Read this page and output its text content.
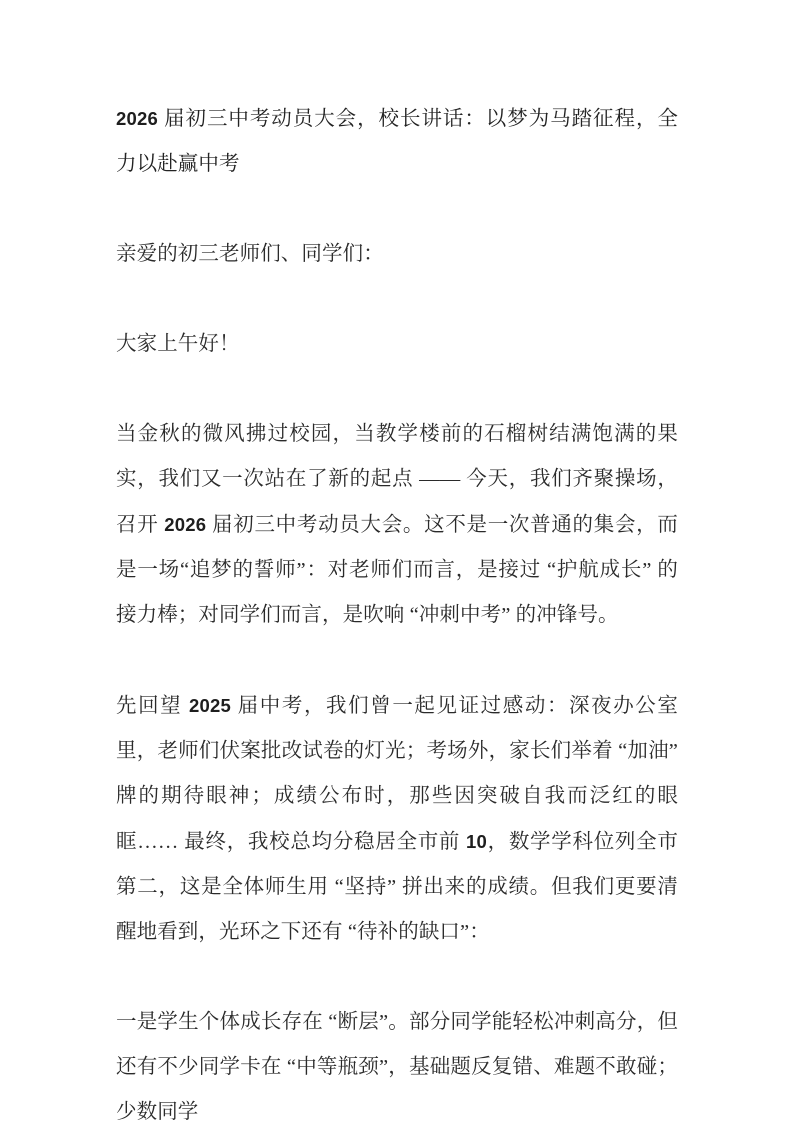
2026 届初三中考动员大会，校长讲话：以梦为马踏征程，全力以赴赢中考

亲爱的初三老师们、同学们：

大家上午好！

当金秋的微风拂过校园，当教学楼前的石榴树结满饱满的果实，我们又一次站在了新的起点 —— 今天，我们齐聚操场，召开 2026 届初三中考动员大会。这不是一次普通的集会，而是一场“追梦的誓师”：对老师们而言，是接过 “护航成长” 的接力棒；对同学们而言，是吹响 “冲刺中考” 的冲锋号。

先回望 2025 届中考，我们曾一起见证过感动：深夜办公室里，老师们伏案批改试卷的灯光；考场外，家长们举着 “加油” 牌的期待眼神；成绩公布时，那些因突破自我而泛红的眼眶…… 最终，我校总均分稳居全市前 10，数学学科位列全市第二，这是全体师生用 “坚持” 拼出来的成绩。但我们更要清醒地看到，光环之下还有 “待补的缺口”：

一是学生个体成长存在 “断层”。部分同学能轻松冲刺高分，但还有不少同学卡在 “中等瓶颈”，基础题反复错、难题不敢碰；少数同学
